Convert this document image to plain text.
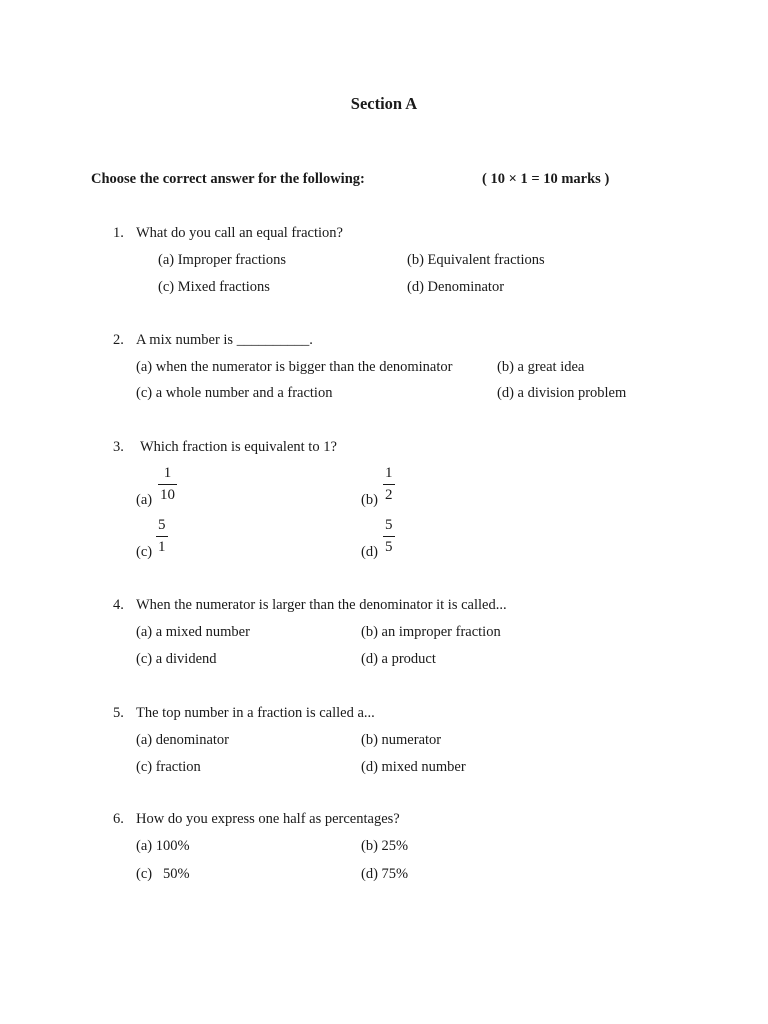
Section A
Choose the correct answer for the following:	( 10 × 1 = 10 marks )
1. What do you call an equal fraction?
(a) Improper fractions	(b) Equivalent fractions
(c) Mixed fractions	(d) Denominator
2. A mix number is __________.
(a) when the numerator is bigger than the denominator	(b) a great idea
(c) a whole number and a fraction	(d) a division problem
3. Which fraction is equivalent to 1?
(a)
1
10	(b)
1
2
(c)
5
1	(d)
5
5
4. When the numerator is larger than the denominator it is called...
(a) a mixed number	(b) an improper fraction
(c) a dividend	(d) a product
5. The top number in a fraction is called a...
(a) denominator	(b) numerator
(c) fraction	(d) mixed number
6. How do you express one half as percentages?
(a) 100%	(b) 25%
(c)   50%	(d) 75%
